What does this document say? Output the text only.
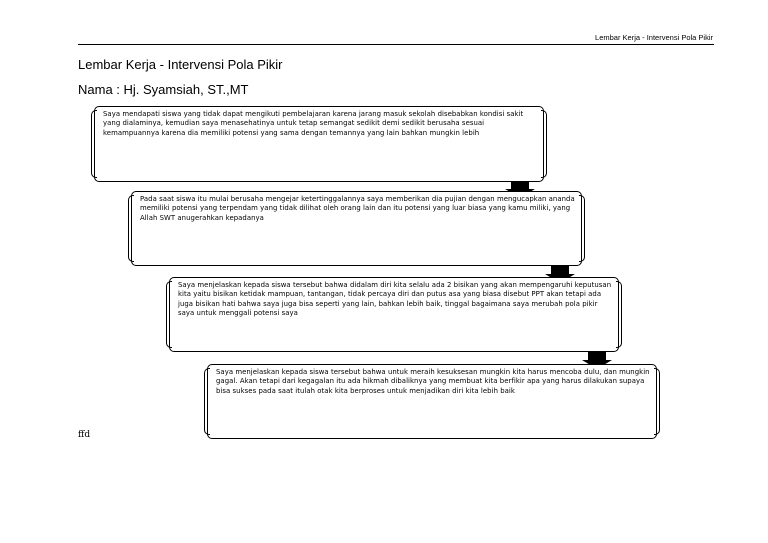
Lembar Kerja - Intervensi Pola Pikir
Lembar Kerja - Intervensi Pola Pikir
Nama : Hj. Syamsiah, ST.,MT
Saya mendapati siswa yang tidak dapat mengikuti pembelajaran karena jarang masuk sekolah disebabkan kondisi sakit yang dialaminya, kemudian saya menasehatinya untuk tetap semangat sedikit demi sedikit berusaha sesuai kemampuannya karena dia memiliki potensi yang sama dengan temannya yang lain bahkan mungkin lebih
Pada saat siswa itu mulai berusaha mengejar ketertinggalannya saya memberikan dia pujian dengan mengucapkan ananda memiliki potensi yang terpendam yang tidak dilihat oleh orang lain dan itu potensi yang luar biasa yang kamu miliki, yang Allah SWT anugerahkan kepadanya
Saya menjelaskan kepada siswa tersebut bahwa didalam diri kita selalu ada 2 bisikan yang akan mempengaruhi keputusan kita yaitu bisikan ketidak mampuan, tantangan, tidak percaya diri dan putus asa yang biasa disebut PPT akan tetapi ada juga bisikan hati bahwa saya juga bisa seperti yang lain, bahkan lebih baik, tinggal bagaimana saya merubah pola pikir saya untuk menggali potensi saya
Saya menjelaskan kepada siswa tersebut bahwa untuk meraih kesuksesan mungkin kita harus mencoba dulu, dan mungkin gagal. Akan tetapi dari kegagalan itu ada hikmah dibaliknya yang membuat kita berfikir apa yang harus dilakukan supaya bisa sukses pada saat itulah otak kita berproses untuk menjadikan diri kita lebih baik
ffd
